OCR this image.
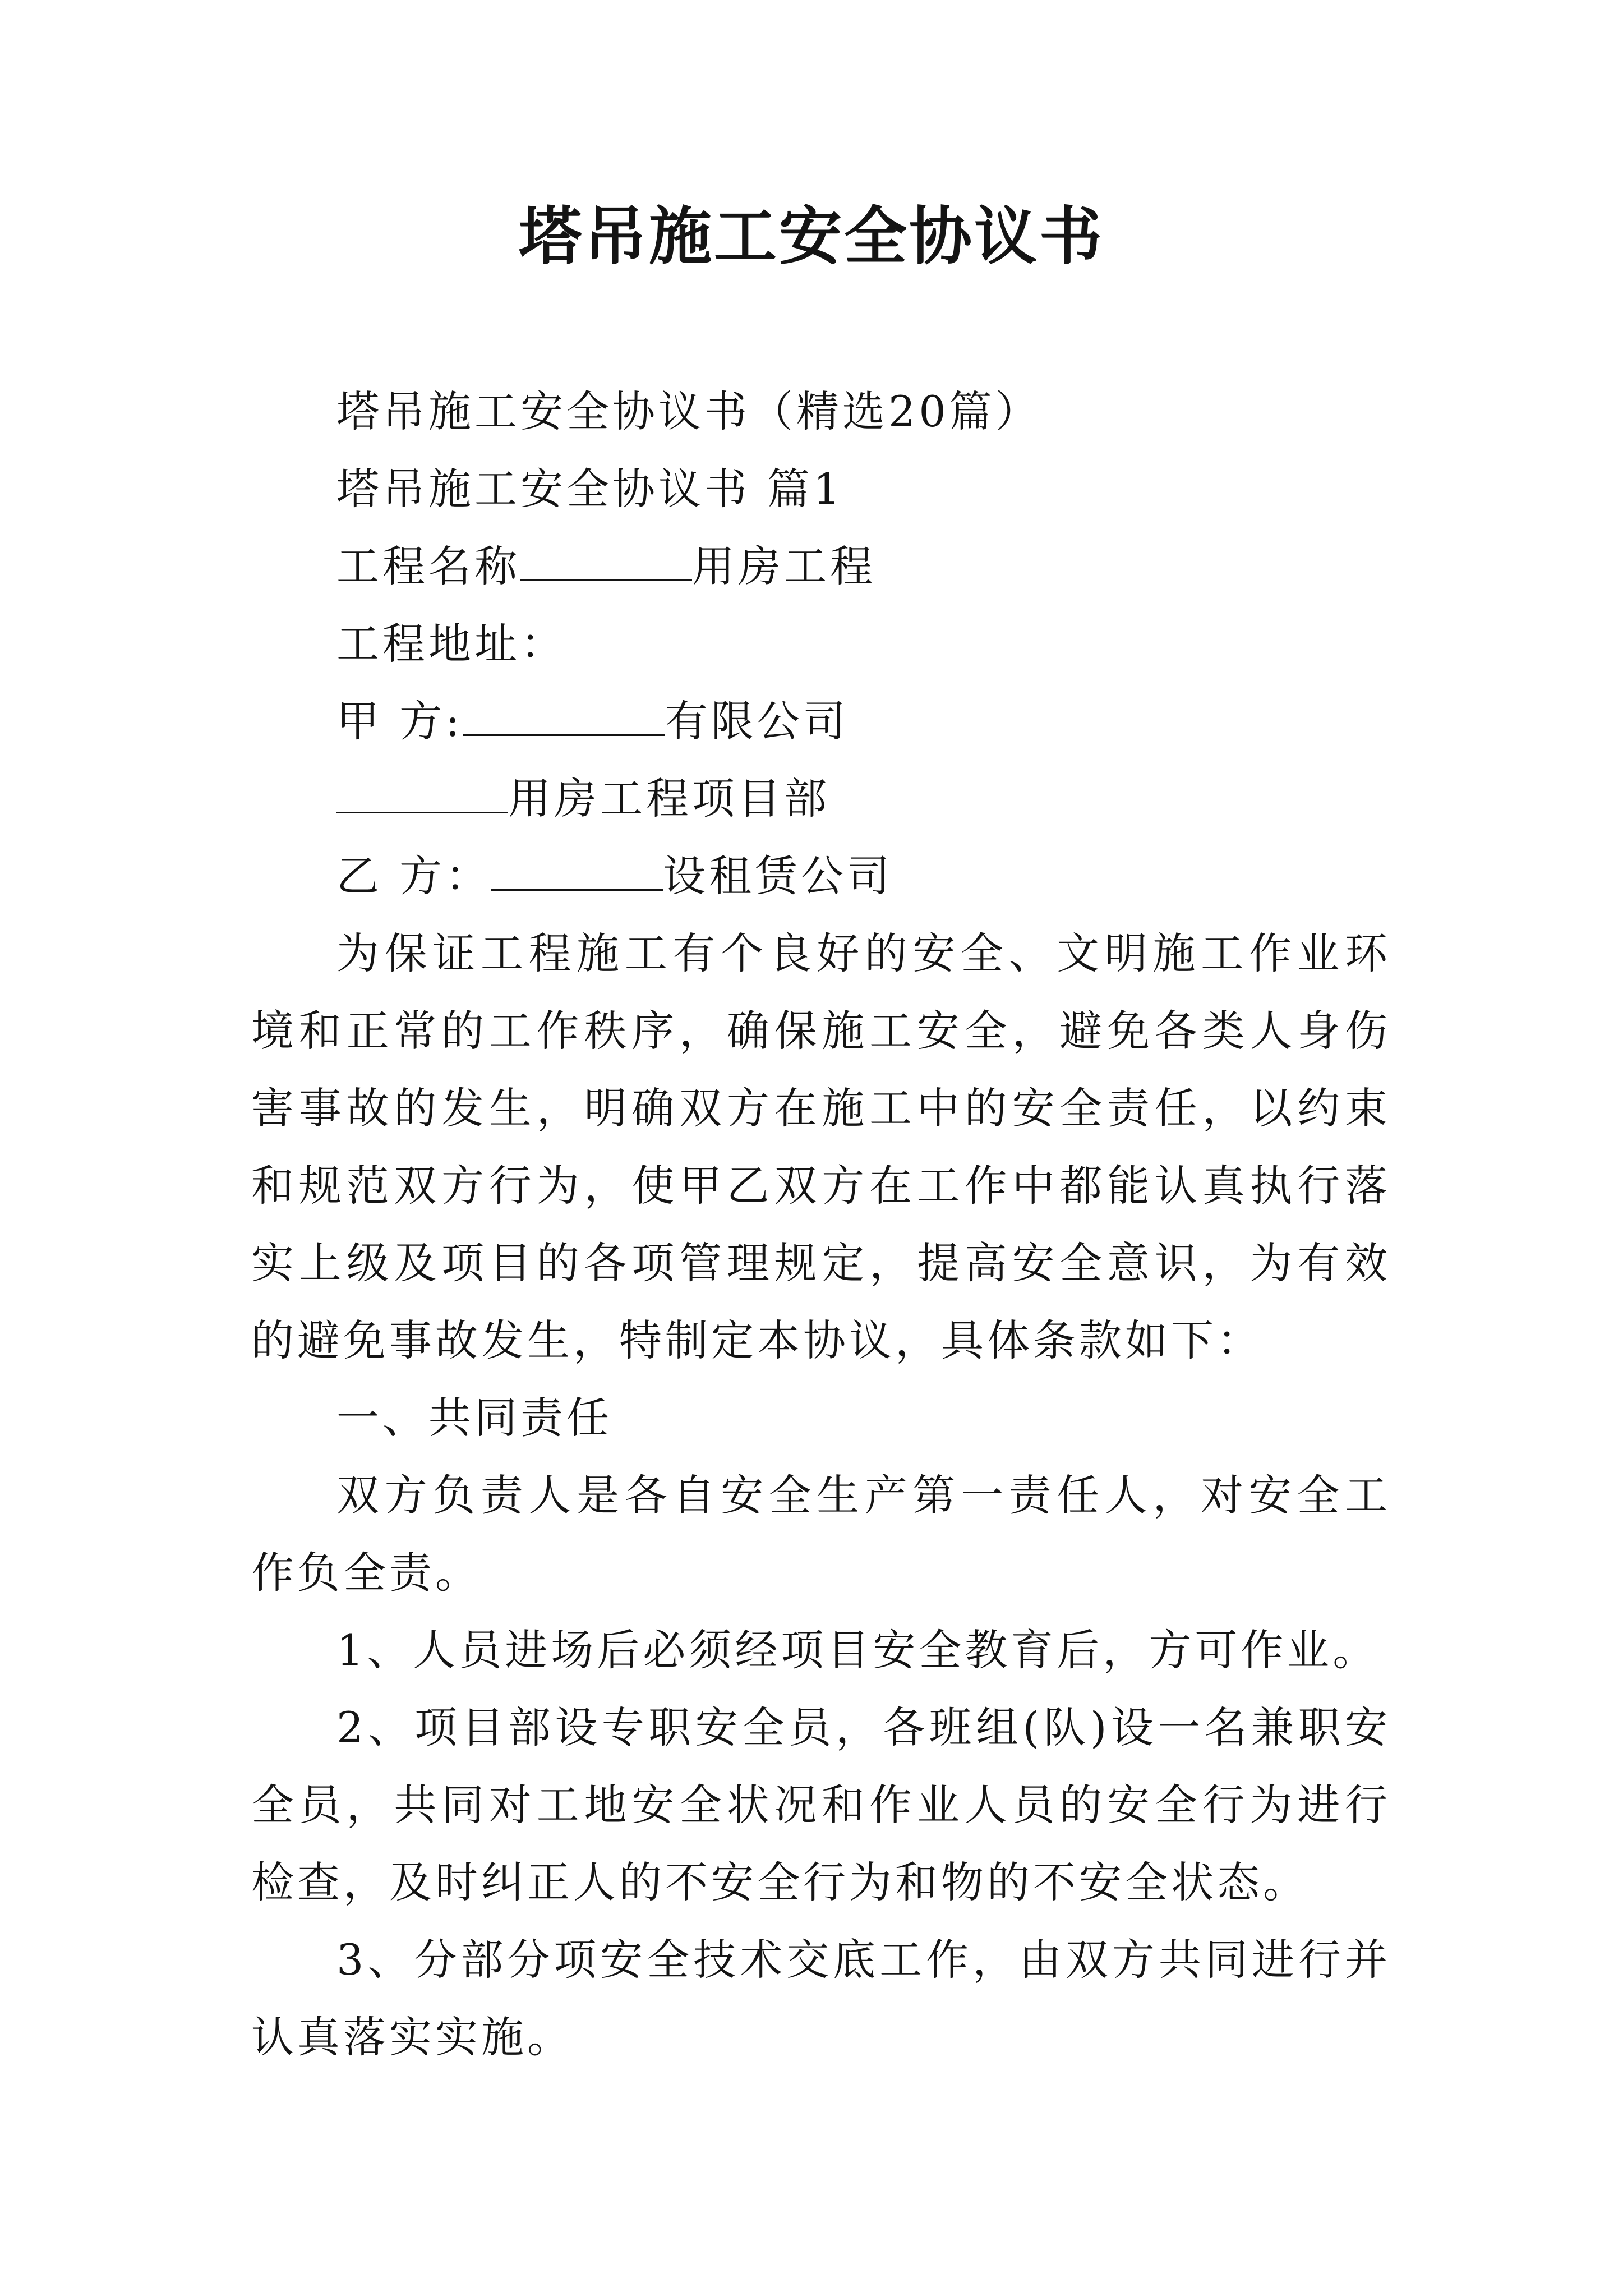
塔吊施工安全协议书
塔吊施工安全协议书（精选20篇）
塔吊施工安全协议书 篇1
工程名称	用房工程
工程地址：
甲 方:	有限公司
用房工程项目部
乙 方：	设租赁公司

为保证工程施工有个良好的安全、文明施工作业环境和正常的工作秩序，确保施工安全，避免各类人身伤害事故的发生，明确双方在施工中的安全责任，以约束和规范双方行为，使甲乙双方在工作中都能认真执行落实上级及项目的各项管理规定，提高安全意识，为有效的避免事故发生，特制定本协议，具体条款如下：

一、共同责任

双方负责人是各自安全生产第一责任人，对安全工作负全责。

1、人员进场后必须经项目安全教育后，方可作业。

2、项目部设专职安全员，各班组(队)设一名兼职安全员，共同对工地安全状况和作业人员的安全行为进行检查，及时纠正人的不安全行为和物的不安全状态。

3、分部分项安全技术交底工作，由双方共同进行并认真落实实施。
